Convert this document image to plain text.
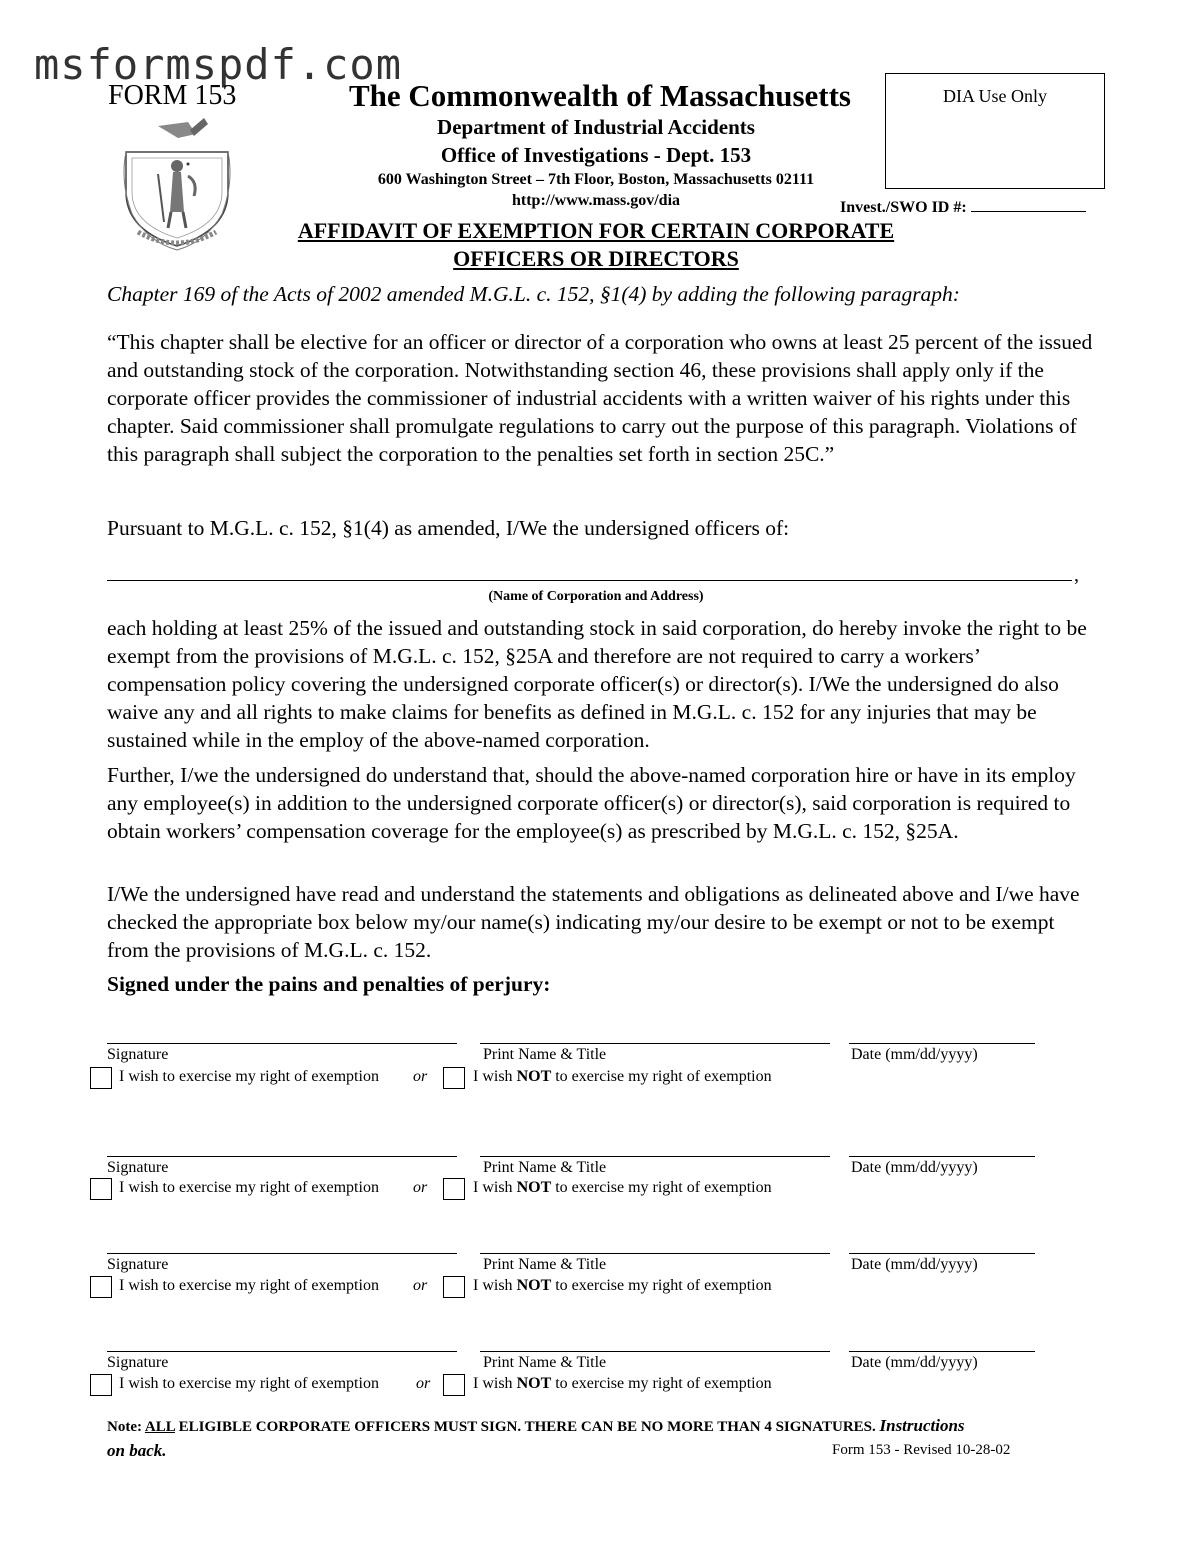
msformspdf.com
FORM 153	The Commonwealth of Massachusetts
Department of Industrial Accidents
Office of Investigations - Dept. 153
600 Washington Street – 7th Floor, Boston, Massachusetts 02111
http://www.mass.gov/dia
DIA Use Only
Invest./SWO ID #:
AFFIDAVIT OF EXEMPTION FOR CERTAIN CORPORATE
OFFICERS OR DIRECTORS
Chapter 169 of the Acts of 2002 amended M.G.L. c. 152, §1(4) by adding the following paragraph:
“This chapter shall be elective for an officer or director of a corporation who owns at least 25 percent of the issued and outstanding stock of the corporation. Notwithstanding section 46, these provisions shall apply only if the corporate officer provides the commissioner of industrial accidents with a written waiver of his rights under this chapter. Said commissioner shall promulgate regulations to carry out the purpose of this paragraph. Violations of this paragraph shall subject the corporation to the penalties set forth in section 25C.”
Pursuant to M.G.L. c. 152, §1(4) as amended, I/We the undersigned officers of:
,
(Name of Corporation and Address)
each holding at least 25% of the issued and outstanding stock in said corporation, do hereby invoke the right to be exempt from the provisions of M.G.L. c. 152, §25A and therefore are not required to carry a workers’ compensation policy covering the undersigned corporate officer(s) or director(s). I/We the undersigned do also waive any and all rights to make claims for benefits as defined in M.G.L. c. 152 for any injuries that may be sustained while in the employ of the above-named corporation.
Further, I/we the undersigned do understand that, should the above-named corporation hire or have in its employ any employee(s) in addition to the undersigned corporate officer(s) or director(s), said corporation is required to obtain workers’ compensation coverage for the employee(s) as prescribed by M.G.L. c. 152, §25A.
I/We the undersigned have read and understand the statements and obligations as delineated above and I/we have checked the appropriate box below my/our name(s) indicating my/our desire to be exempt or not to be exempt from the provisions of M.G.L. c. 152.
Signed under the pains and penalties of perjury:
Signature	Print Name & Title	Date (mm/dd/yyyy)
I wish to exercise my right of exemption or	I wish NOT to exercise my right of exemption
Signature	Print Name & Title	Date (mm/dd/yyyy)
I wish to exercise my right of exemption or	I wish NOT to exercise my right of exemption
Signature	Print Name & Title	Date (mm/dd/yyyy)
I wish to exercise my right of exemption or	I wish NOT to exercise my right of exemption
Signature	Print Name & Title	Date (mm/dd/yyyy)
I wish to exercise my right of exemption or	I wish NOT to exercise my right of exemption
Note: ALL ELIGIBLE CORPORATE OFFICERS MUST SIGN. THERE CAN BE NO MORE THAN 4 SIGNATURES. Instructions
on back.	Form 153 - Revised 10-28-02
